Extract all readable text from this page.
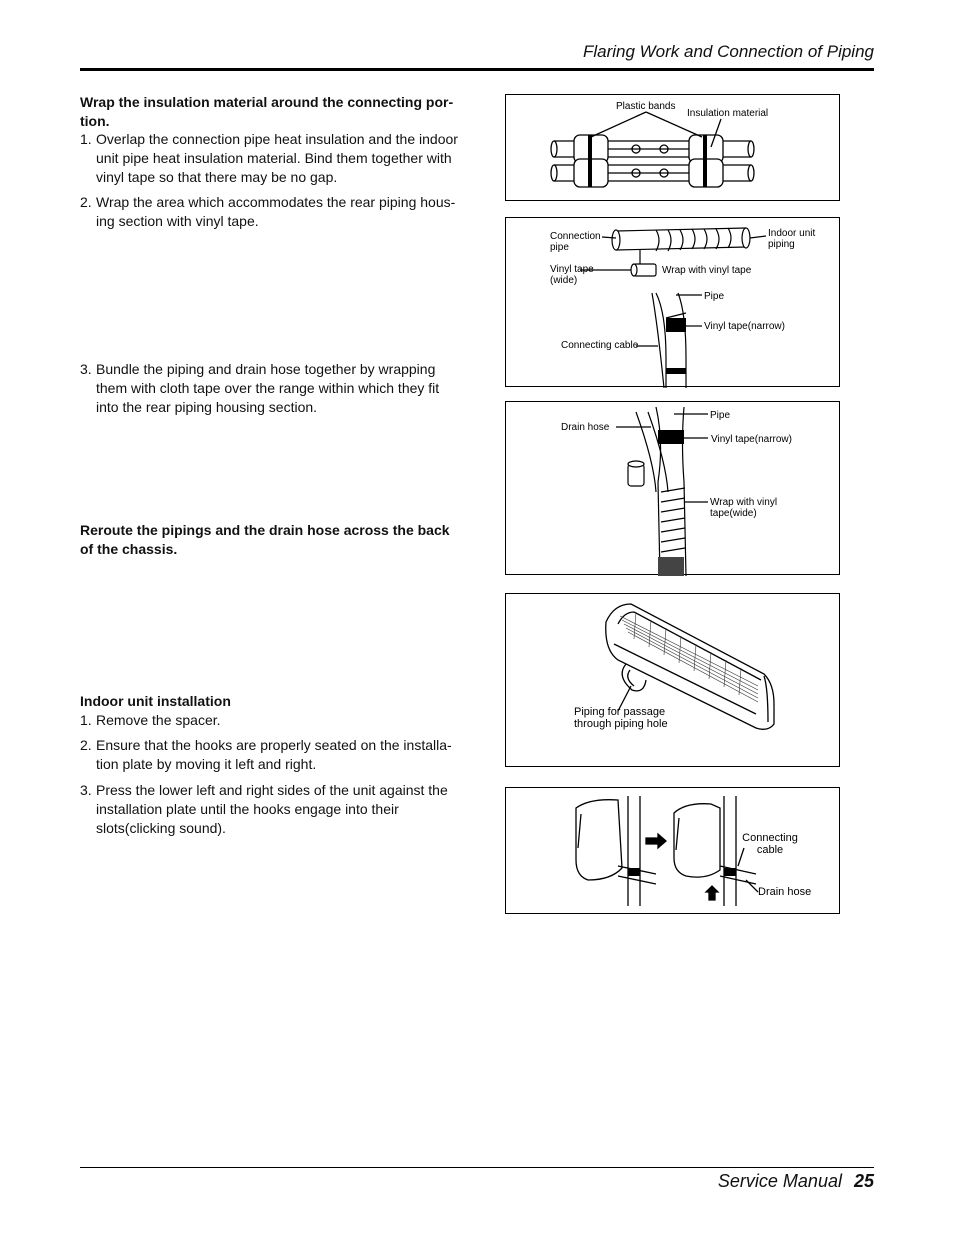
Flaring Work and Connection of Piping
Wrap the insulation material around the connecting por-tion.
1. Overlap the connection pipe heat insulation and the indoor unit pipe heat insulation material. Bind them together with vinyl tape so that there may be no gap.
2. Wrap the area which accommodates the rear piping hous-ing section with vinyl tape.
3. Bundle the piping and drain hose together by wrapping them with cloth tape over the range within which they fit into the rear piping housing section.
Reroute the pipings and the drain hose across the back of the chassis.
Indoor unit installation
1. Remove the spacer.
2. Ensure that the hooks are properly seated on the installa-tion plate by moving it left and right.
3. Press the lower left and right sides of the unit against the installation plate until the hooks engage into their slots(clicking sound).
Plastic bands
Insulation material
Connection pipe
Indoor unit piping
Vinyl tape (wide)
Wrap with vinyl tape
Pipe
Vinyl tape(narrow)
Connecting cable
Pipe
Drain hose
Vinyl tape(narrow)
Wrap with vinyl tape(wide)
Piping for passage through piping hole
Connecting cable
Drain hose
Service Manual 25
